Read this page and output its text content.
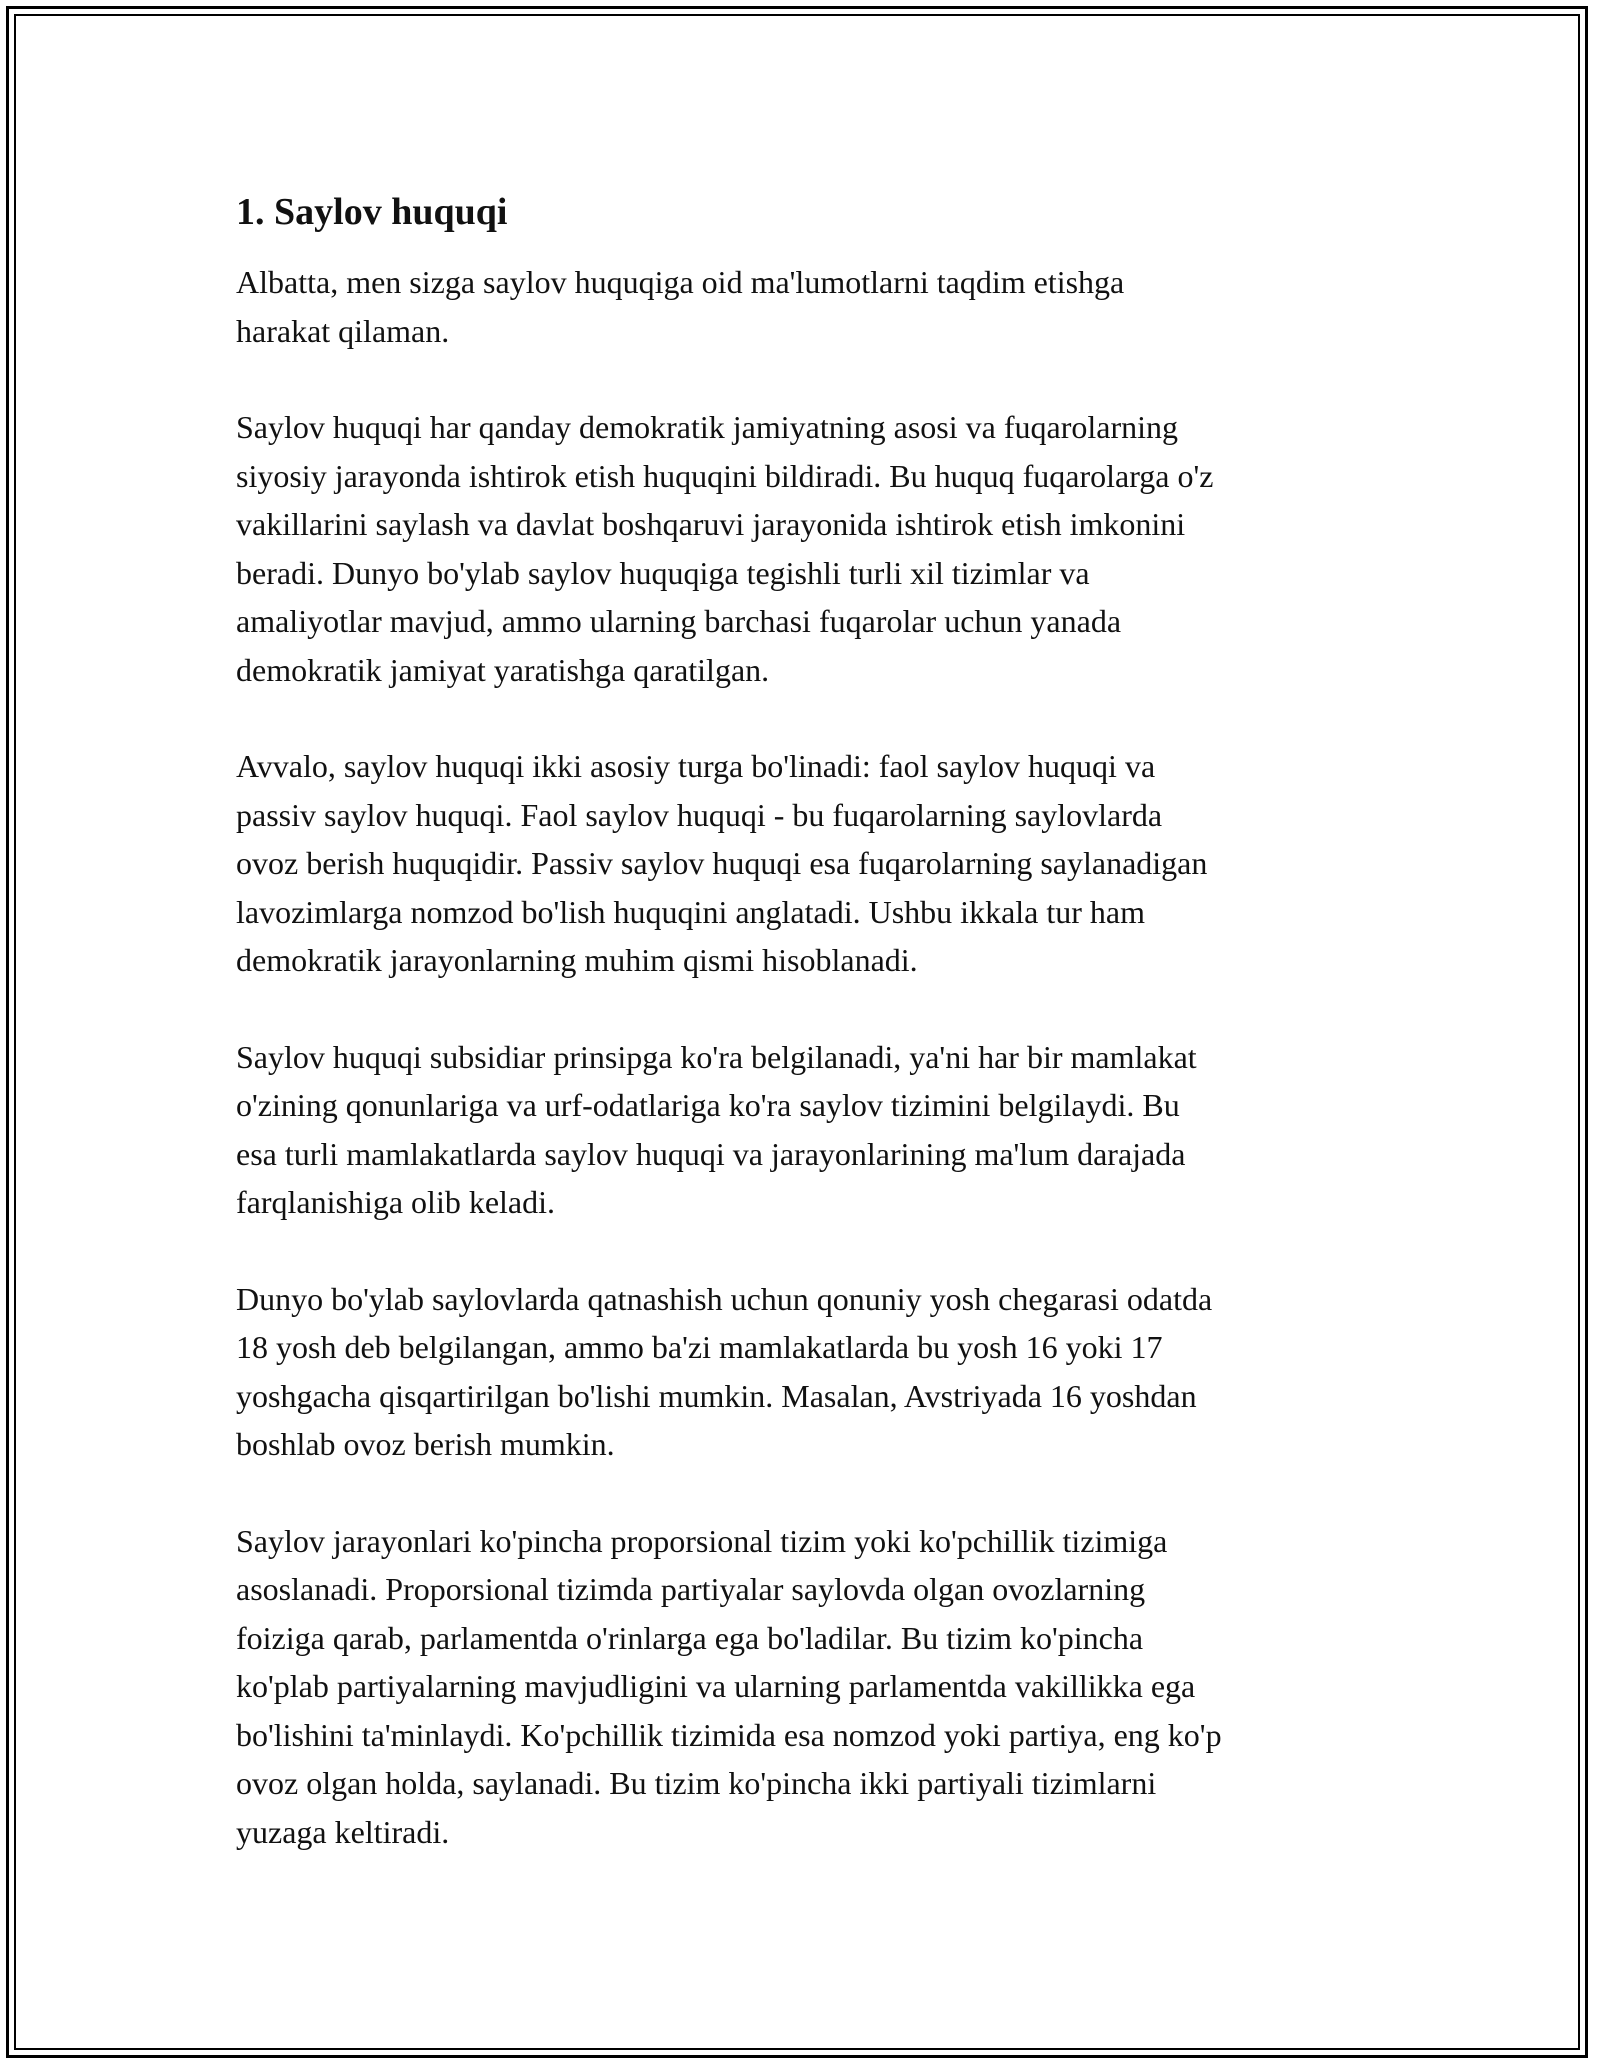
1. Saylov huquqi

Albatta, men sizga saylov huquqiga oid ma'lumotlarni taqdim etishga
harakat qilaman.

Saylov huquqi har qanday demokratik jamiyatning asosi va fuqarolarning
siyosiy jarayonda ishtirok etish huquqini bildiradi. Bu huquq fuqarolarga o'z
vakillarini saylash va davlat boshqaruvi jarayonida ishtirok etish imkonini
beradi. Dunyo bo'ylab saylov huquqiga tegishli turli xil tizimlar va
amaliyotlar mavjud, ammo ularning barchasi fuqarolar uchun yanada
demokratik jamiyat yaratishga qaratilgan.

Avvalo, saylov huquqi ikki asosiy turga bo'linadi: faol saylov huquqi va
passiv saylov huquqi. Faol saylov huquqi - bu fuqarolarning saylovlarda
ovoz berish huquqidir. Passiv saylov huquqi esa fuqarolarning saylanadigan
lavozimlarga nomzod bo'lish huquqini anglatadi. Ushbu ikkala tur ham
demokratik jarayonlarning muhim qismi hisoblanadi.

Saylov huquqi subsidiar prinsipga ko'ra belgilanadi, ya'ni har bir mamlakat
o'zining qonunlariga va urf-odatlariga ko'ra saylov tizimini belgilaydi. Bu
esa turli mamlakatlarda saylov huquqi va jarayonlarining ma'lum darajada
farqlanishiga olib keladi.

Dunyo bo'ylab saylovlarda qatnashish uchun qonuniy yosh chegarasi odatda
18 yosh deb belgilangan, ammo ba'zi mamlakatlarda bu yosh 16 yoki 17
yoshgacha qisqartirilgan bo'lishi mumkin. Masalan, Avstriyada 16 yoshdan
boshlab ovoz berish mumkin.

Saylov jarayonlari ko'pincha proporsional tizim yoki ko'pchillik tizimiga
asoslanadi. Proporsional tizimda partiyalar saylovda olgan ovozlarning
foiziga qarab, parlamentda o'rinlarga ega bo'ladilar. Bu tizim ko'pincha
ko'plab partiyalarning mavjudligini va ularning parlamentda vakillikka ega
bo'lishini ta'minlaydi. Ko'pchillik tizimida esa nomzod yoki partiya, eng ko'p
ovoz olgan holda, saylanadi. Bu tizim ko'pincha ikki partiyali tizimlarni
yuzaga keltiradi.
